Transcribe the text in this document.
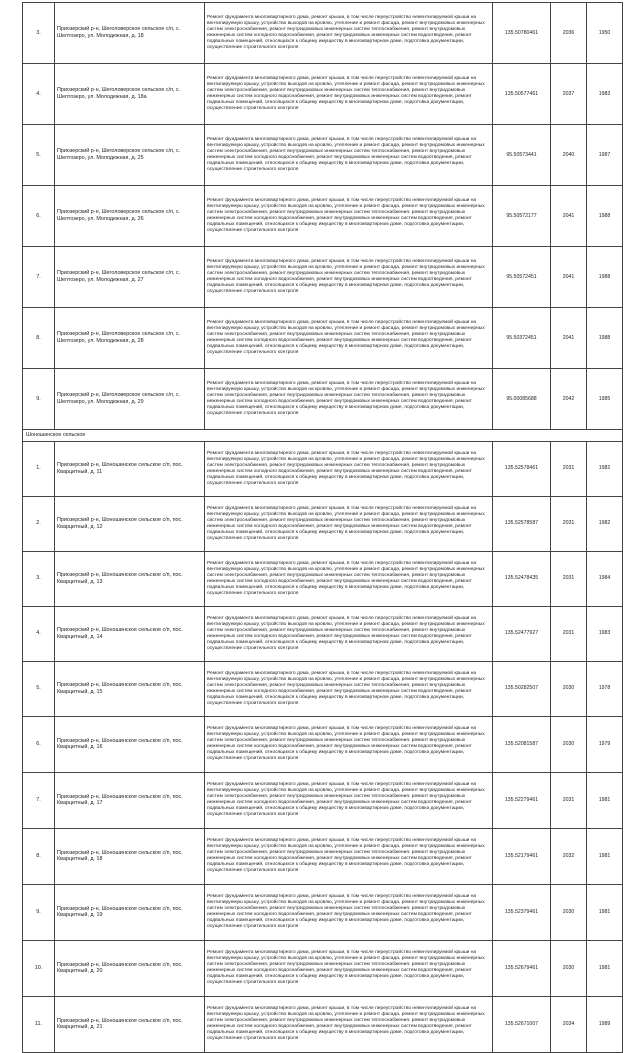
3.	Приозерский р-н, Шеголоверское сельское с/п, с. Шелтозеро, ул. Молодежная, д. 18	Ремонт фундамента многоквартирного дома, ремонт крыши, в том числе переустройство невентилируемой крыши на вентилируемую крышу, устройство выходов на кровлю, утепление и ремонт фасада, ремонт внутридомовых инженерных систем электроснабжения, ремонт внутридомовых инженерных систем теплоснабжения, ремонт внутридомовых инженерных систем холодного водоснабжения, ремонт внутридомовых инженерных систем водоотведения, ремонт подвальных помещений, относящихся к общему имуществу в многоквартирном доме, подготовка документации, осуществление строительного контроля	135.50780461	2036	1950
4.	Приозерский р-н, Шеголоверское сельское с/п, с. Шелтозеро, ул. Молодежная, д. 18а	Ремонт фундамента многоквартирного дома, ремонт крыши, в том числе переустройство невентилируемой крыши на вентилируемую крышу, устройство выходов на кровлю, утепление и ремонт фасада, ремонт внутридомовых инженерных систем электроснабжения, ремонт внутридомовых инженерных систем теплоснабжения, ремонт внутридомовых инженерных систем холодного водоснабжения, ремонт внутридомовых инженерных систем водоотведения, ремонт подвальных помещений, относящихся к общему имуществу в многоквартирном доме, подготовка документации, осуществление строительного контроля	135.50577461	2037	1983
5.	Приозерский р-н, Шеголоверское сельское с/п, с. Шелтозеро, ул. Молодежная, д. 25	Ремонт фундамента многоквартирного дома, ремонт крыши, в том числе переустройство невентилируемой крыши на вентилируемую крышу, устройство выходов на кровлю, утепление и ремонт фасада, ремонт внутридомовых инженерных систем электроснабжения, ремонт внутридомовых инженерных систем теплоснабжения, ремонт внутридомовых инженерных систем холодного водоснабжения, ремонт внутридомовых инженерных систем водоотведения, ремонт подвальных помещений, относящихся к общему имуществу в многоквартирном доме, подготовка документации, осуществление строительного контроля	95.50573441	2040	1987
6.	Приозерский р-н, Шеголоверское сельское с/п, с. Шелтозеро, ул. Молодежная, д. 26	Ремонт фундамента многоквартирного дома, ремонт крыши, в том числе переустройство невентилируемой крыши на вентилируемую крышу, устройство выходов на кровлю, утепление и ремонт фасада, ремонт внутридомовых инженерных систем электроснабжения, ремонт внутридомовых инженерных систем теплоснабжения, ремонт внутридомовых инженерных систем холодного водоснабжения, ремонт внутридомовых инженерных систем водоотведения, ремонт подвальных помещений, относящихся к общему имуществу в многоквартирном доме, подготовка документации, осуществление строительного контроля	95.50572177	2041	1988
7.	Приозерский р-н, Шеголоверское сельское с/п, с. Шелтозеро, ул. Молодежная, д. 27	Ремонт фундамента многоквартирного дома, ремонт крыши, в том числе переустройство невентилируемой крыши на вентилируемую крышу, устройство выходов на кровлю, утепление и ремонт фасада, ремонт внутридомовых инженерных систем электроснабжения, ремонт внутридомовых инженерных систем теплоснабжения, ремонт внутридомовых инженерных систем холодного водоснабжения, ремонт внутридомовых инженерных систем водоотведения, ремонт подвальных помещений, относящихся к общему имуществу в многоквартирном доме, подготовка документации, осуществление строительного контроля	95.50572451	2041	1988
8.	Приозерский р-н, Шеголоверское сельское с/п, с. Шелтозеро, ул. Молодежная, д. 28	Ремонт фундамента многоквартирного дома, ремонт крыши, в том числе переустройство невентилируемой крыши на вентилируемую крышу, устройство выходов на кровлю, утепление и ремонт фасада, ремонт внутридомовых инженерных систем электроснабжения, ремонт внутридомовых инженерных систем теплоснабжения, ремонт внутридомовых инженерных систем холодного водоснабжения, ремонт внутридомовых инженерных систем водоотведения, ремонт подвальных помещений, относящихся к общему имуществу в многоквартирном доме, подготовка документации, осуществление строительного контроля	95.50372451	2041	1988
9.	Приозерский р-н, Шеголоверское сельское с/п, с. Шелтозеро, ул. Молодежная, д. 29	Ремонт фундамента многоквартирного дома, ремонт крыши, в том числе переустройство невентилируемой крыши на вентилируемую крышу, устройство выходов на кровлю, утепление и ремонт фасада, ремонт внутридомовых инженерных систем электроснабжения, ремонт внутридомовых инженерных систем теплоснабжения, ремонт внутридомовых инженерных систем холодного водоснабжения, ремонт внутридомовых инженерных систем водоотведения, ремонт подвальных помещений, относящихся к общему имуществу в многоквартирном доме, подготовка документации, осуществление строительного контроля	95.00085688	2042	1985
Шоношинское сельское					
1.	Приозерский р-н, Шоношинское сельское с/п, пос. Кварцитный, д. 11	Ремонт фундамента многоквартирного дома, ремонт крыши, в том числе переустройство невентилируемой крыши на вентилируемую крышу, устройство выходов на кровлю, утепление и ремонт фасада, ремонт внутридомовых инженерных систем электроснабжения, ремонт внутридомовых инженерных систем теплоснабжения, ремонт внутридомовых инженерных систем холодного водоснабжения, ремонт внутридомовых инженерных систем водоотведения, ремонт подвальных помещений, относящихся к общему имуществу в многоквартирном доме, подготовка документации, осуществление строительного контроля	135.52578461	2031	1982
2.	Приозерский р-н, Шоношинское сельское с/п, пос. Кварцитный, д. 12	Ремонт фундамента многоквартирного дома, ремонт крыши, в том числе переустройство невентилируемой крыши на вентилируемую крышу, устройство выходов на кровлю, утепление и ремонт фасада, ремонт внутридомовых инженерных систем электроснабжения, ремонт внутридомовых инженерных систем теплоснабжения, ремонт внутридомовых инженерных систем холодного водоснабжения, ремонт внутридомовых инженерных систем водоотведения, ремонт подвальных помещений, относящихся к общему имуществу в многоквартирном доме, подготовка документации, осуществление строительного контроля	135.52578587	2031	1982
3.	Приозерский р-н, Шоношинское сельское с/п, пос. Кварцитный, д. 13	Ремонт фундамента многоквартирного дома, ремонт крыши, в том числе переустройство невентилируемой крыши на вентилируемую крышу, устройство выходов на кровлю, утепление и ремонт фасада, ремонт внутридомовых инженерных систем электроснабжения, ремонт внутридомовых инженерных систем теплоснабжения, ремонт внутридомовых инженерных систем холодного водоснабжения, ремонт внутридомовых инженерных систем водоотведения, ремонт подвальных помещений, относящихся к общему имуществу в многоквартирном доме, подготовка документации, осуществление строительного контроля	135.52478435	2031	1984
4.	Приозерский р-н, Шоношинское сельское с/п, пос. Кварцитный, д. 14	Ремонт фундамента многоквартирного дома, ремонт крыши, в том числе переустройство невентилируемой крыши на вентилируемую крышу, устройство выходов на кровлю, утепление и ремонт фасада, ремонт внутридомовых инженерных систем электроснабжения, ремонт внутридомовых инженерных систем теплоснабжения, ремонт внутридомовых инженерных систем холодного водоснабжения, ремонт внутридомовых инженерных систем водоотведения, ремонт подвальных помещений, относящихся к общему имуществу в многоквартирном доме, подготовка документации, осуществление строительного контроля	135.52477927	2031	1983
5.	Приозерский р-н, Шоношинское сельское с/п, пос. Кварцитный, д. 15	Ремонт фундамента многоквартирного дома, ремонт крыши, в том числе переустройство невентилируемой крыши на вентилируемую крышу, устройство выходов на кровлю, утепление и ремонт фасада, ремонт внутридомовых инженерных систем электроснабжения, ремонт внутридомовых инженерных систем теплоснабжения, ремонт внутридомовых инженерных систем холодного водоснабжения, ремонт внутридомовых инженерных систем водоотведения, ремонт подвальных помещений, относящихся к общему имуществу в многоквартирном доме, подготовка документации, осуществление строительного контроля	135.50282507	2030	1978
6.	Приозерский р-н, Шоношинское сельское с/п, пос. Кварцитный, д. 16	Ремонт фундамента многоквартирного дома, ремонт крыши, в том числе переустройство невентилируемой крыши на вентилируемую крышу, устройство выходов на кровлю, утепление и ремонт фасада, ремонт внутридомовых инженерных систем электроснабжения, ремонт внутридомовых инженерных систем теплоснабжения, ремонт внутридомовых инженерных систем холодного водоснабжения, ремонт внутридомовых инженерных систем водоотведения, ремонт подвальных помещений, относящихся к общему имуществу в многоквартирном доме, подготовка документации, осуществление строительного контроля	135.52081587	2030	1979
7.	Приозерский р-н, Шоношинское сельское с/п, пос. Кварцитный, д. 17	Ремонт фундамента многоквартирного дома, ремонт крыши, в том числе переустройство невентилируемой крыши на вентилируемую крышу, устройство выходов на кровлю, утепление и ремонт фасада, ремонт внутридомовых инженерных систем электроснабжения, ремонт внутридомовых инженерных систем теплоснабжения, ремонт внутридомовых инженерных систем холодного водоснабжения, ремонт внутридомовых инженерных систем водоотведения, ремонт подвальных помещений, относящихся к общему имуществу в многоквартирном доме, подготовка документации, осуществление строительного контроля	135.52279461	2031	1981
8.	Приозерский р-н, Шоношинское сельское с/п, пос. Кварцитный, д. 18	Ремонт фундамента многоквартирного дома, ремонт крыши, в том числе переустройство невентилируемой крыши на вентилируемую крышу, устройство выходов на кровлю, утепление и ремонт фасада, ремонт внутридомовых инженерных систем электроснабжения, ремонт внутридомовых инженерных систем теплоснабжения, ремонт внутридомовых инженерных систем холодного водоснабжения, ремонт внутридомовых инженерных систем водоотведения, ремонт подвальных помещений, относящихся к общему имуществу в многоквартирном доме, подготовка документации, осуществление строительного контроля	135.52179461	2032	1981
9.	Приозерский р-н, Шоношинское сельское с/п, пос. Кварцитный, д. 19	Ремонт фундамента многоквартирного дома, ремонт крыши, в том числе переустройство невентилируемой крыши на вентилируемую крышу, устройство выходов на кровлю, утепление и ремонт фасада, ремонт внутридомовых инженерных систем электроснабжения, ремонт внутридомовых инженерных систем теплоснабжения, ремонт внутридомовых инженерных систем холодного водоснабжения, ремонт внутридомовых инженерных систем водоотведения, ремонт подвальных помещений, относящихся к общему имуществу в многоквартирном доме, подготовка документации, осуществление строительного контроля	135.52379461	2030	1981
10.	Приозерский р-н, Шоношинское сельское с/п, пос. Кварцитный, д. 20	Ремонт фундамента многоквартирного дома, ремонт крыши, в том числе переустройство невентилируемой крыши на вентилируемую крышу, устройство выходов на кровлю, утепление и ремонт фасада, ремонт внутридомовых инженерных систем электроснабжения, ремонт внутридомовых инженерных систем теплоснабжения, ремонт внутридомовых инженерных систем холодного водоснабжения, ремонт внутридомовых инженерных систем водоотведения, ремонт подвальных помещений, относящихся к общему имуществу в многоквартирном доме, подготовка документации, осуществление строительного контроля	135.52679461	2030	1981
11.	Приозерский р-н, Шоношинское сельское с/п, пос. Кварцитный, д. 21	Ремонт фундамента многоквартирного дома, ремонт крыши, в том числе переустройство невентилируемой крыши на вентилируемую крышу, устройство выходов на кровлю, утепление и ремонт фасада, ремонт внутридомовых инженерных систем электроснабжения, ремонт внутридомовых инженерных систем теплоснабжения, ремонт внутридомовых инженерных систем холодного водоснабжения, ремонт внутридомовых инженерных систем водоотведения, ремонт подвальных помещений, относящихся к общему имуществу в многоквартирном доме, подготовка документации, осуществление строительного контроля	135.52671007	2034	1989
